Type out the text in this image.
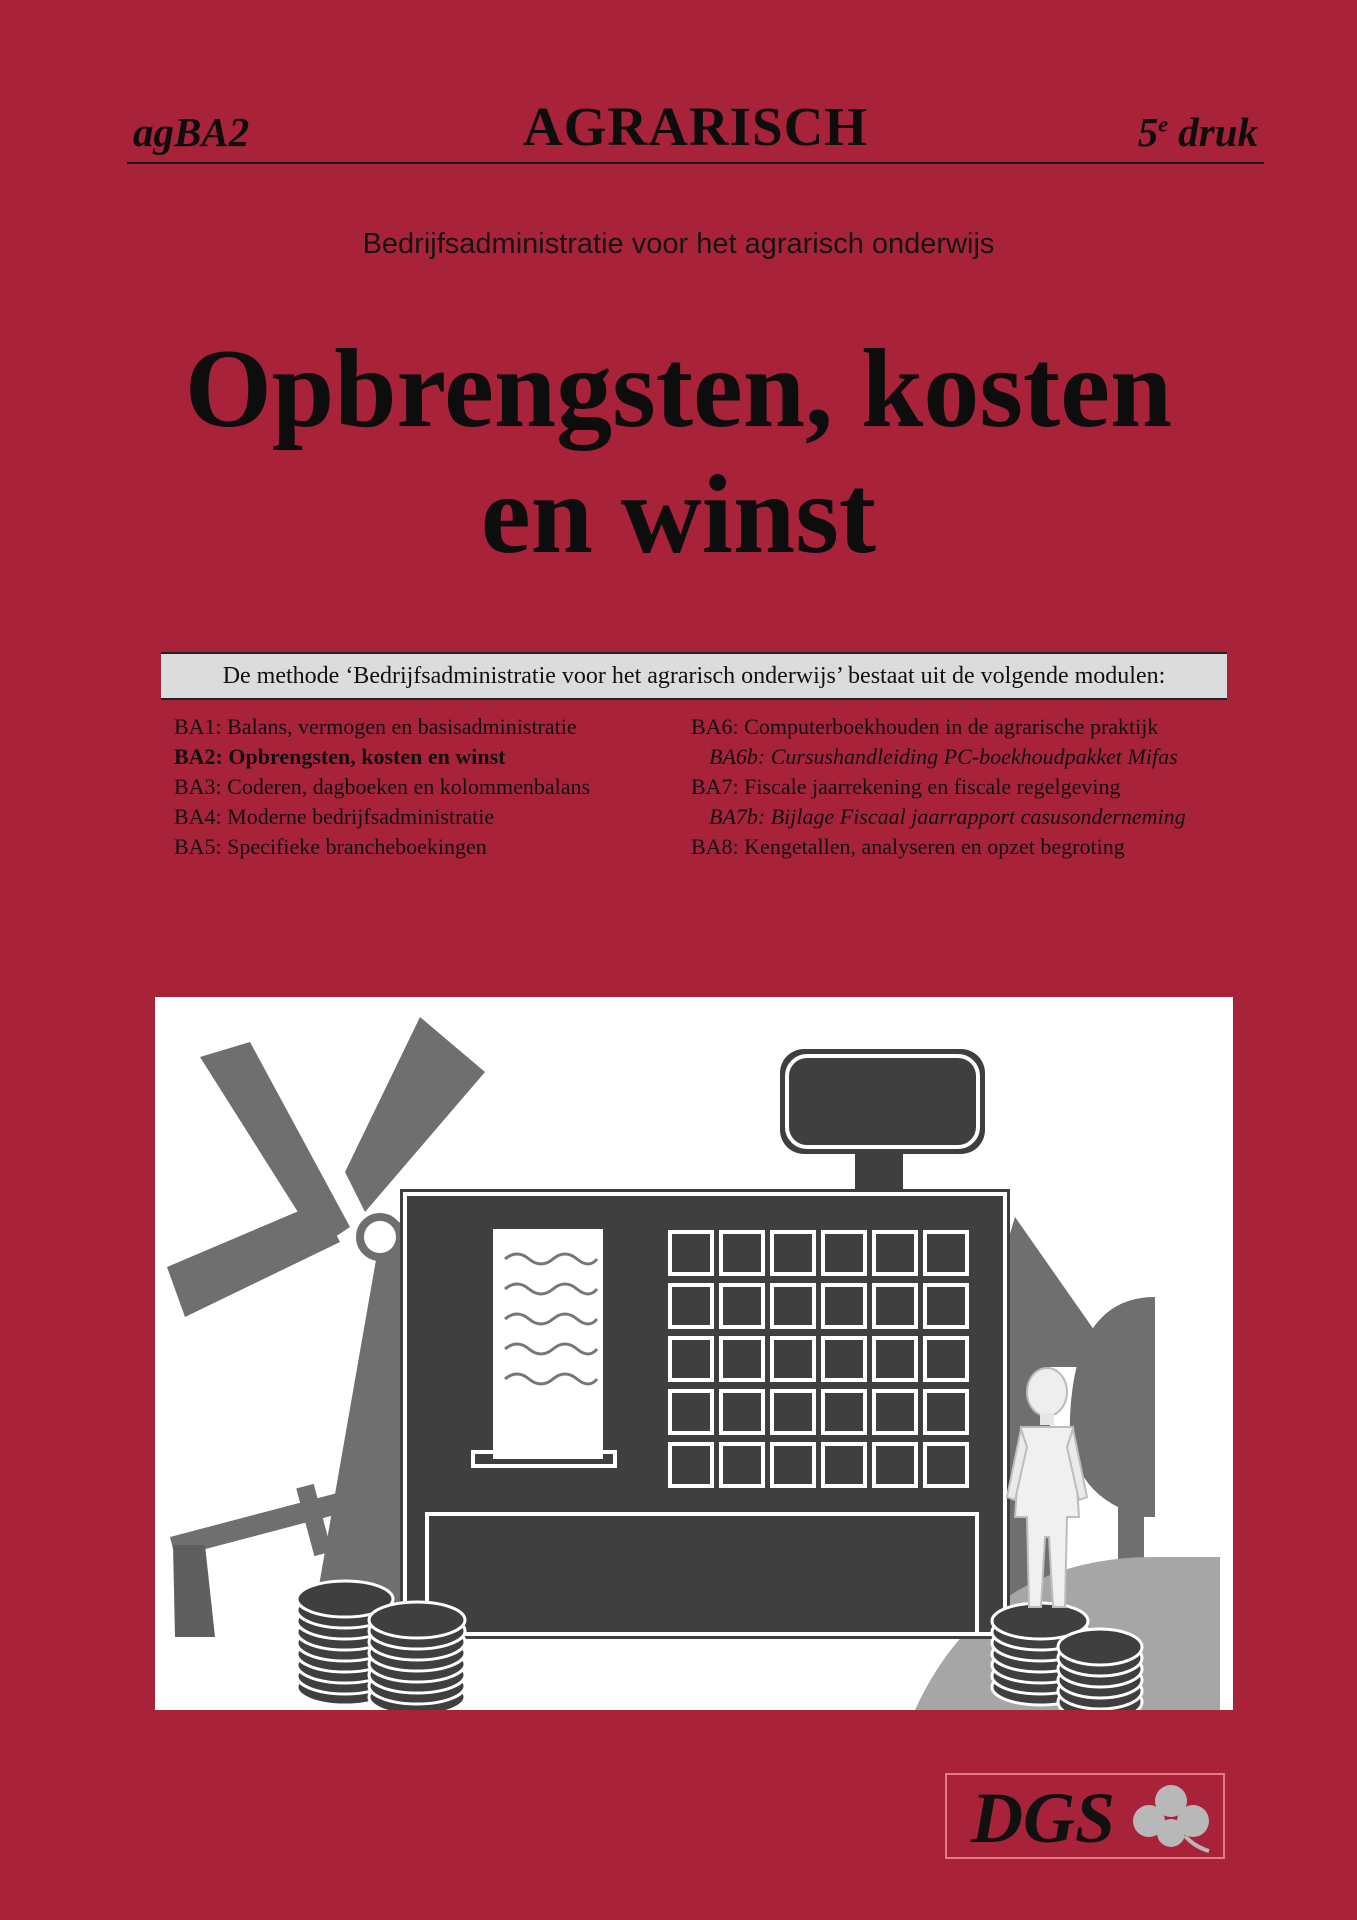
agBA2	AGRARISCH	5e druk
Bedrijfsadministratie voor het agrarisch onderwijs
Opbrengsten, kosten
en winst
De methode ‘Bedrijfsadministratie voor het agrarisch onderwijs’ bestaat uit de volgende modulen:
BA1: Balans, vermogen en basisadministratie
BA2: Opbrengsten, kosten en winst
BA3: Coderen, dagboeken en kolommenbalans
BA4: Moderne bedrijfsadministratie
BA5: Specifieke brancheboekingen
BA6: Computerboekhouden in de agrarische praktijk
BA6b: Cursushandleiding PC-boekhoudpakket Mifas
BA7: Fiscale jaarrekening en fiscale regelgeving
BA7b: Bijlage Fiscaal jaarrapport casusonderneming
BA8: Kengetallen, analyseren en opzet begroting
DGS
